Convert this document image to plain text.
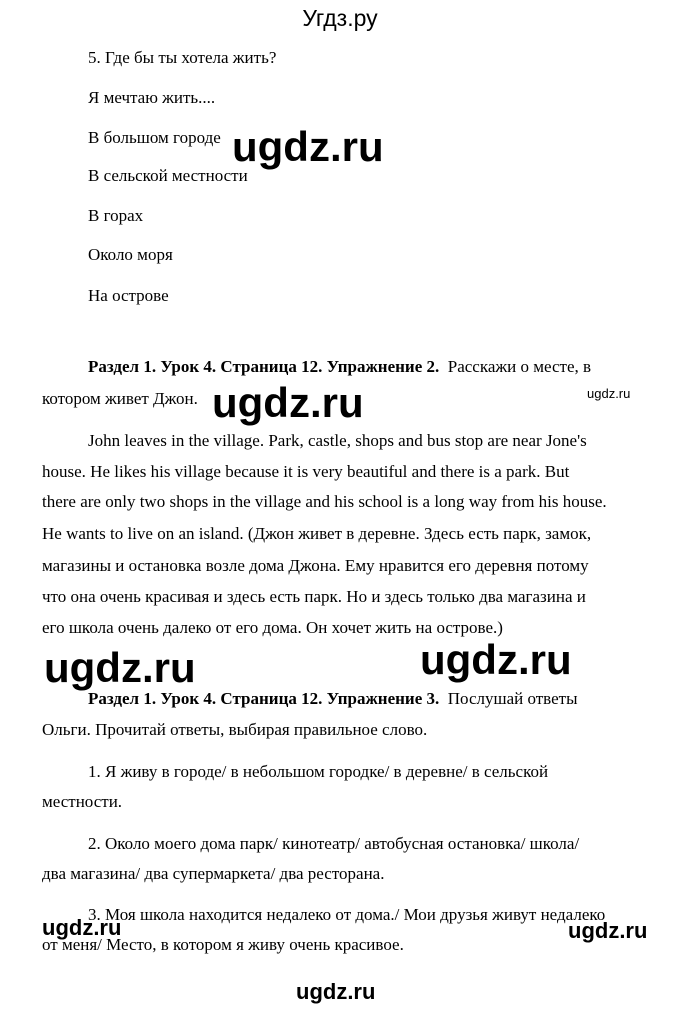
Угдз.ру
5. Где бы ты хотела жить?
Я мечтаю жить....
В большом городе
В сельской местности
В горах
Около моря
На острове
Раздел 1. Урок 4. Страница 12. Упражнение 2. Расскажи о месте, в
котором живет Джон.
John leaves in the village. Park, castle, shops and bus stop are near Jone's
house. He likes his village because it is very beautiful and there is a park. But
there are only two shops in the village and his school is a long way from his house.
He wants to live on an island. (Джон живет в деревне. Здесь есть парк, замок,
магазины и остановка возле дома Джона. Ему нравится его деревня потому
что она очень красивая и здесь есть парк. Но и здесь только два магазина и
его школа очень далеко от его дома. Он хочет жить на острове.)
Раздел 1. Урок 4. Страница 12. Упражнение 3. Послушай ответы
Ольги. Прочитай ответы, выбирая правильное слово.
1. Я живу в городе/ в небольшом городке/ в деревне/ в сельской
местности.
2. Около моего дома парк/ кинотеатр/ автобусная остановка/ школа/
два магазина/ два супермаркета/ два ресторана.
3. Моя школа находится недалеко от дома./ Мои друзья живут недалеко
от меня/ Место, в котором я живу очень красивое.
ugdz.ru
ugdz.ru
ugdz.ru
ugdz.ru	ugdz.ru
ugdz.ru	ugdz.ru
ugdz.ru
